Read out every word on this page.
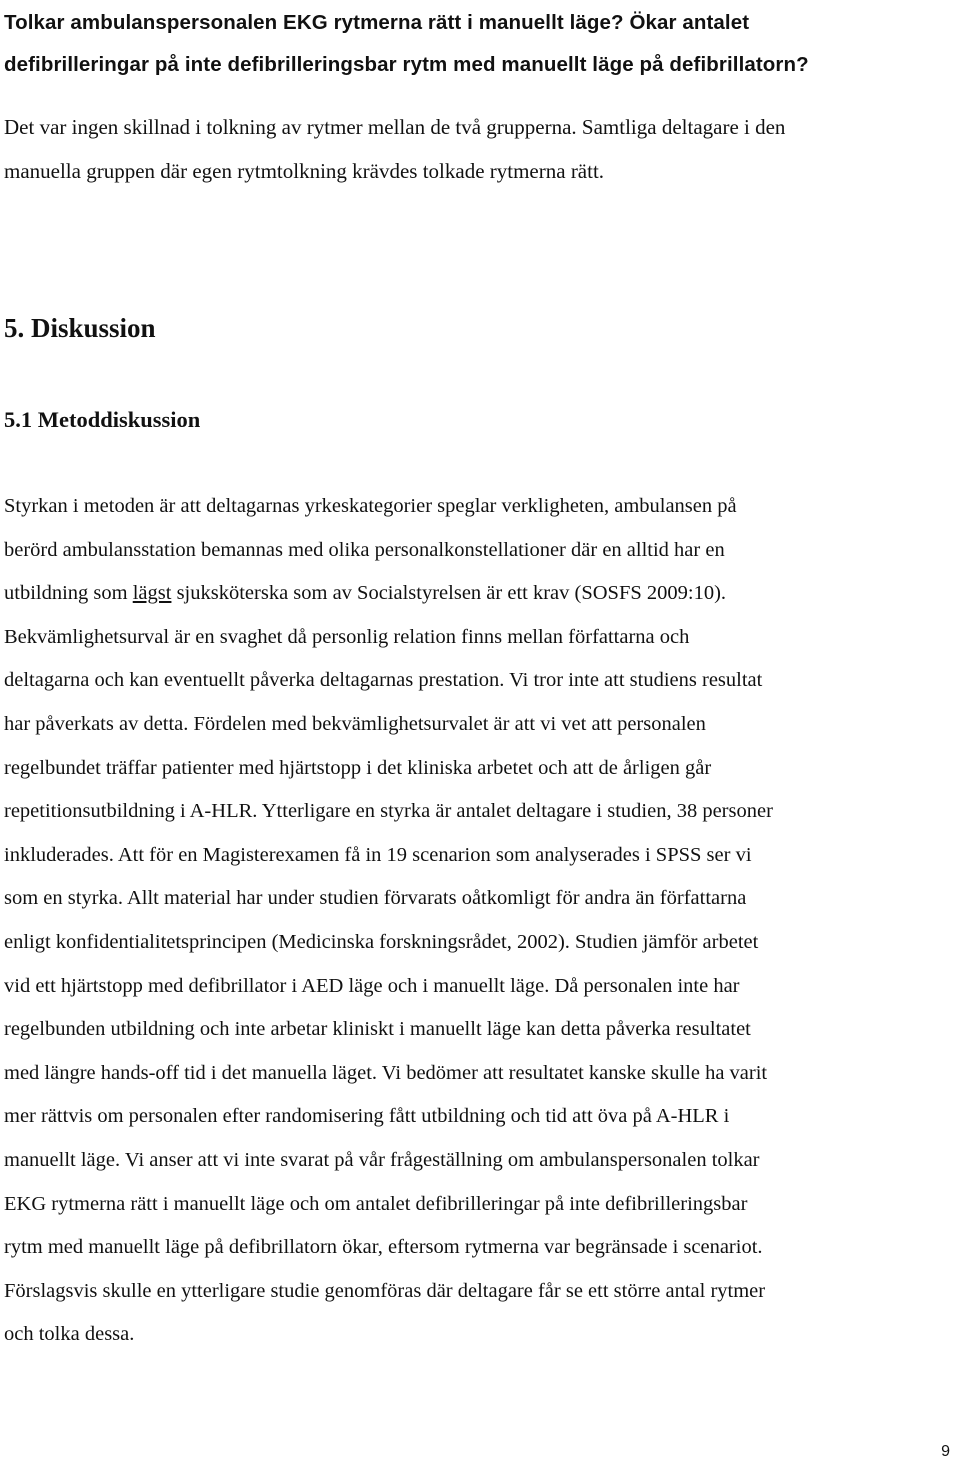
Tolkar ambulanspersonalen EKG rytmerna rätt i manuellt läge? Ökar antalet
defibrilleringar på inte defibrilleringsbar rytm med manuellt läge på defibrillatorn?
Det var ingen skillnad i tolkning av rytmer mellan de två grupperna. Samtliga deltagare i den
manuella gruppen där egen rytmtolkning krävdes tolkade rytmerna rätt.
5. Diskussion
5.1 Metoddiskussion
Styrkan i metoden är att deltagarnas yrkeskategorier speglar verkligheten, ambulansen på
berörd ambulansstation bemannas med olika personalkonstellationer där en alltid har en
utbildning som lägst sjuksköterska som av Socialstyrelsen är ett krav (SOSFS 2009:10).
Bekvämlighetsurval är en svaghet då personlig relation finns mellan författarna och
deltagarna och kan eventuellt påverka deltagarnas prestation. Vi tror inte att studiens resultat
har påverkats av detta. Fördelen med bekvämlighetsurvalet är att vi vet att personalen
regelbundet träffar patienter med hjärtstopp i det kliniska arbetet och att de årligen går
repetitionsutbildning i A-HLR. Ytterligare en styrka är antalet deltagare i studien, 38 personer
inkluderades. Att för en Magisterexamen få in 19 scenarion som analyserades i SPSS ser vi
som en styrka. Allt material har under studien förvarats oåtkomligt för andra än författarna
enligt konfidentialitetsprincipen (Medicinska forskningsrådet, 2002). Studien jämför arbetet
vid ett hjärtstopp med defibrillator i AED läge och i manuellt läge. Då personalen inte har
regelbunden utbildning och inte arbetar kliniskt i manuellt läge kan detta påverka resultatet
med längre hands-off tid i det manuella läget. Vi bedömer att resultatet kanske skulle ha varit
mer rättvis om personalen efter randomisering fått utbildning och tid att öva på A-HLR i
manuellt läge. Vi anser att vi inte svarat på vår frågeställning om ambulanspersonalen tolkar
EKG rytmerna rätt i manuellt läge och om antalet defibrilleringar på inte defibrilleringsbar
rytm med manuellt läge på defibrillatorn ökar, eftersom rytmerna var begränsade i scenariot.
Förslagsvis skulle en ytterligare studie genomföras där deltagare får se ett större antal rytmer
och tolka dessa.
9
